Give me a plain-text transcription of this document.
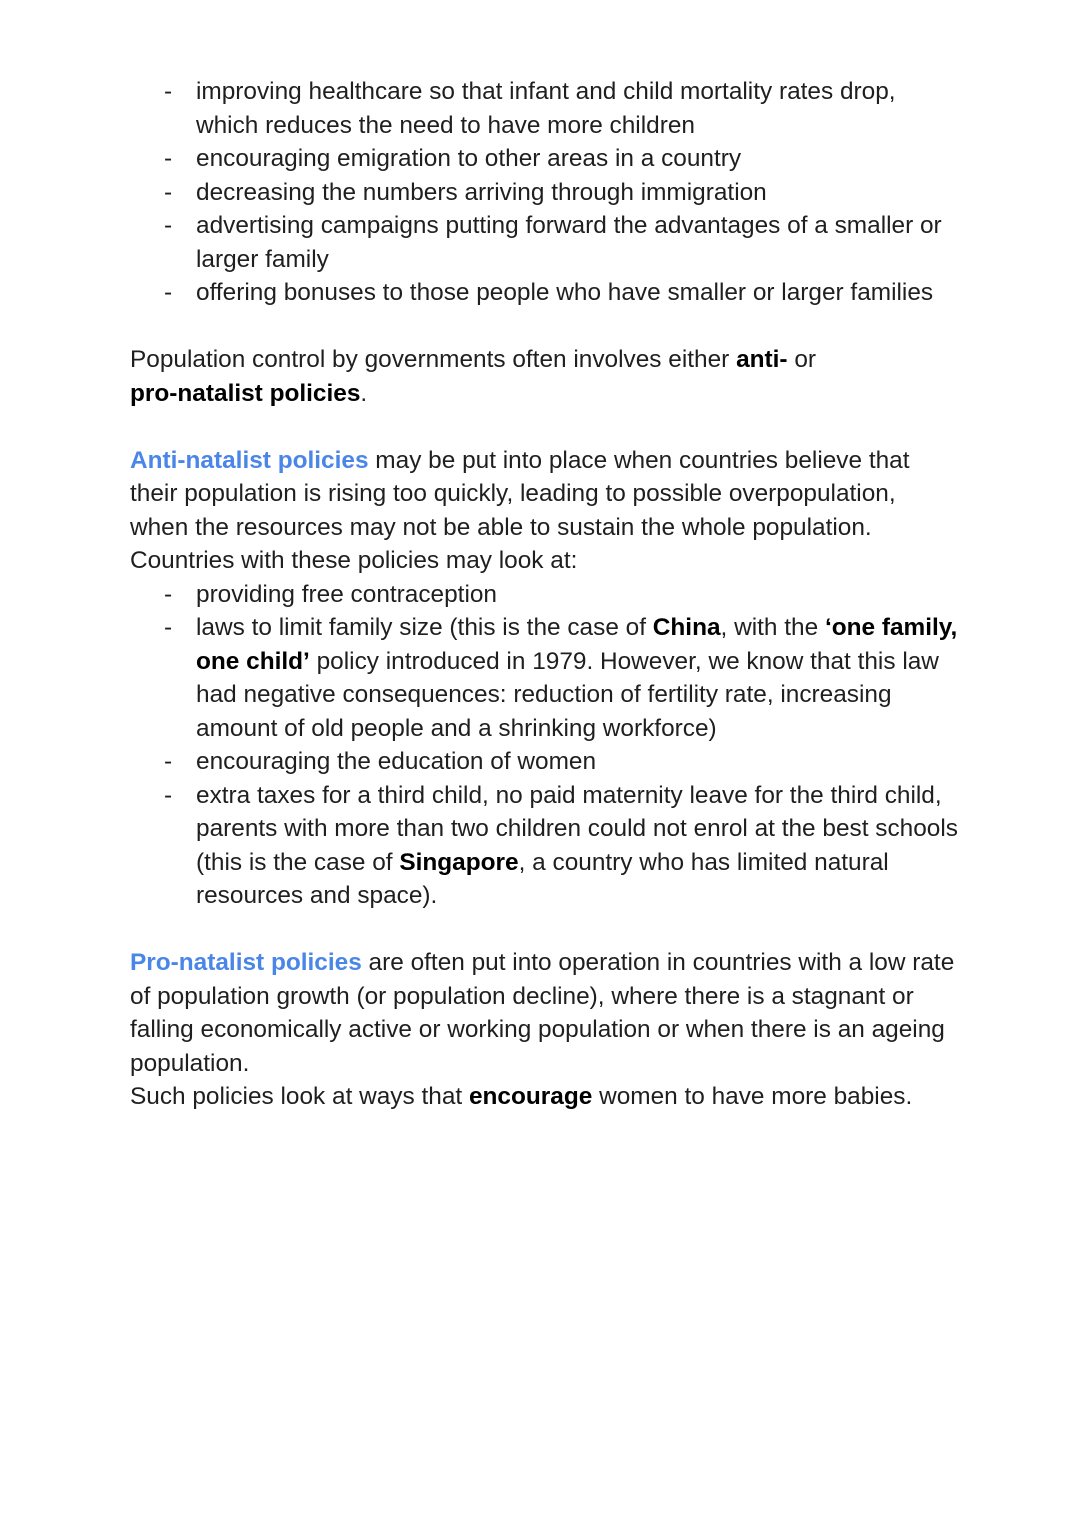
- improving healthcare so that infant and child mortality rates drop, which reduces the need to have more children
- encouraging emigration to other areas in a country
- decreasing the numbers arriving through immigration
- advertising campaigns putting forward the advantages of a smaller or larger family
- offering bonuses to those people who have smaller or larger families

Population control by governments often involves either anti- or
pro-natalist policies.

Anti-natalist policies may be put into place when countries believe that their population is rising too quickly, leading to possible overpopulation, when the resources may not be able to sustain the whole population.

Countries with these policies may look at:

- providing free contraception
- laws to limit family size (this is the case of China, with the ‘one family, one child’ policy introduced in 1979. However, we know that this law had negative consequences: reduction of fertility rate, increasing amount of old people and a shrinking workforce)
- encouraging the education of women
- extra taxes for a third child, no paid maternity leave for the third child, parents with more than two children could not enrol at the best schools (this is the case of Singapore, a country who has limited natural resources and space).

Pro-natalist policies are often put into operation in countries with a low rate of population growth (or population decline), where there is a stagnant or falling economically active or working population or when there is an ageing population.

Such policies look at ways that encourage women to have more babies.
